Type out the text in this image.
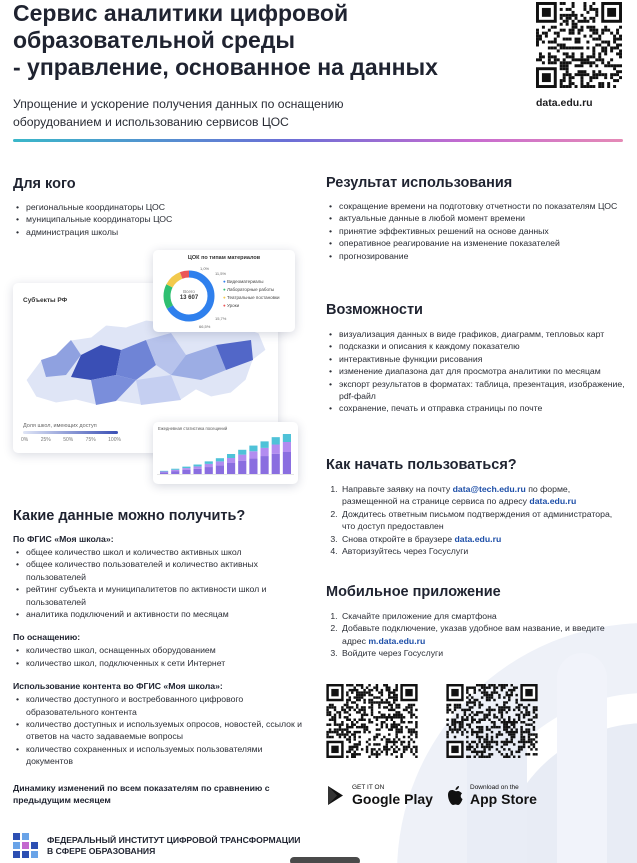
Сервис аналитики цифровой
образовательной среды
- управление, основанное на данных
Упрощение и ускорение получения данных по оснащению
оборудованием и использованию сервисов ЦОС
data.edu.ru
Для кого
• региональные координаторы ЦОС
• муниципальные координаторы ЦОС
• администрация школы
Субъекты РФ
Доля школ, имеющих доступ
0% 25% 50% 75% 100%
ЦОК по типам материалов
Всего
13 607
1,0%
11,5%
15,7%
66,5%
● Видеоматериалы
● Лабораторные работы
● Театральные постановки
● Уроки
Ежедневная статистика посещений
Какие данные можно получить?
По ФГИС «Моя школа»:
• общее количество школ и количество активных школ
• общее количество пользователей и количество активных пользователей
• рейтинг субъекта и муниципалитетов по активности школ и пользователей
• аналитика подключений и активности по месяцам
По оснащению:
• количество школ, оснащенных оборудованием
• количество школ, подключенных к сети Интернет
Использование контента во ФГИС «Моя школа»:
• количество доступного и востребованного цифрового образовательного контента
• количество доступных и используемых опросов, новостей, ссылок и ответов на часто задаваемые вопросы
• количество сохраненных и используемых пользователями документов
Динамику изменений по всем показателям по сравнению с предыдущим месяцем
ФЕДЕРАЛЬНЫЙ ИНСТИТУТ ЦИФРОВОЙ ТРАНСФОРМАЦИИ
В СФЕРЕ ОБРАЗОВАНИЯ
Результат использования
• сокращение времени на подготовку отчетности по показателям ЦОС
• актуальные данные в любой момент времени
• принятие эффективных решений на основе данных
• оперативное реагирование на изменение показателей
• прогнозирование
Возможности
• визуализация данных в виде графиков, диаграмм, тепловых карт
• подсказки и описания к каждому показателю
• интерактивные функции рисования
• изменение диапазона дат для просмотра аналитики по месяцам
• экспорт результатов в форматах: таблица, презентация, изображение, pdf-файл
• сохранение, печать и отправка страницы по почте
Как начать пользоваться?
1. Направьте заявку на почту data@tech.edu.ru по форме, размещенной на странице сервиса по адресу data.edu.ru
2. Дождитесь ответным письмом подтверждения от администратора, что доступ предоставлен
3. Снова откройте в браузере data.edu.ru
4. Авторизуйтесь через Госуслуги
Мобильное приложение
1. Скачайте приложение для смартфона
2. Добавьте подключение, указав удобное вам название, и введите адрес m.data.edu.ru
3. Войдите через Госуслуги
GET IT ON
Google Play
Download on the
App Store
